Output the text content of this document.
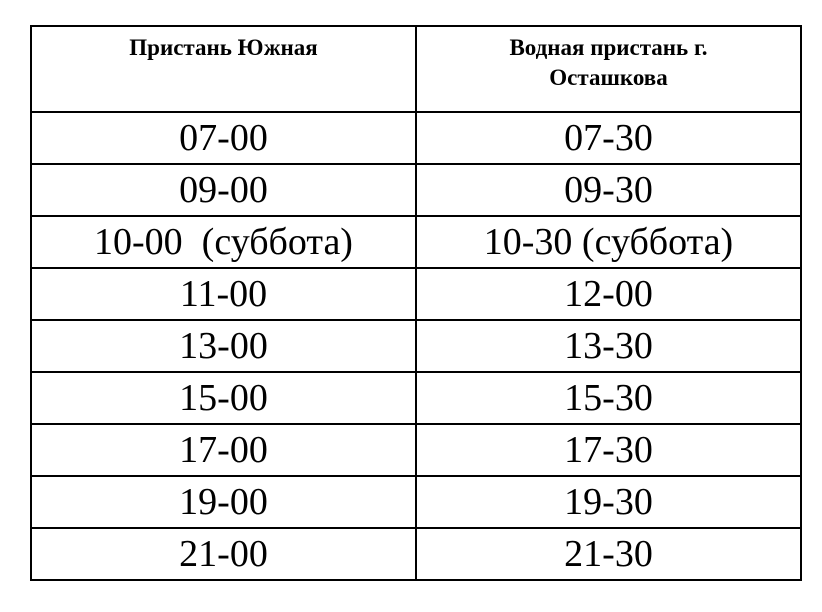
Пристань Южная	Водная пристань г. Осташкова
07-00	07-30
09-00	09-30
10-00  (суббота)	10-30 (суббота)
11-00	12-00
13-00	13-30
15-00	15-30
17-00	17-30
19-00	19-30
21-00	21-30
